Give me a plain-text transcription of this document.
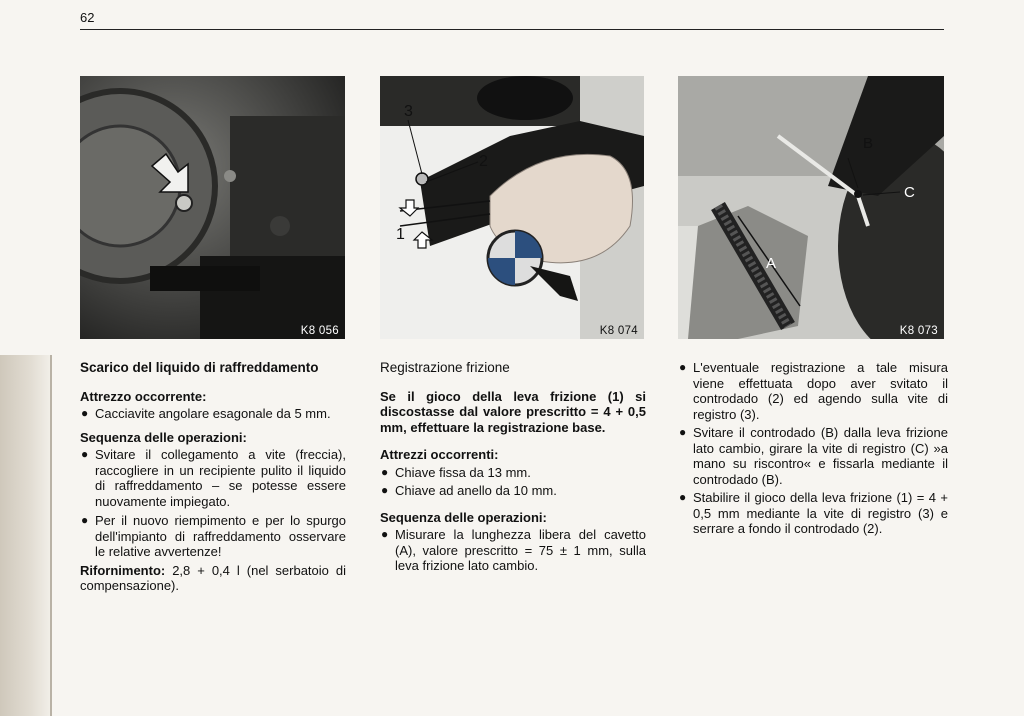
62
K8 056
3
2
1
K8 074
B
C
A
K8 073

Scarico del liquido di raffreddamento

Attrezzo occorrente:

● Cacciavite angolare esagonale da 5 mm.

Sequenza delle operazioni:

● Svitare il collegamento a vite (freccia), raccogliere in un recipiente pulito il liquido di raffreddamento – se potesse essere nuovamente impiegato.

● Per il nuovo riempimento e per lo spurgo dell'impianto di raffreddamento osservare le relative avvertenze!

Rifornimento: 2,8 + 0,4 l (nel serbatoio di compensazione).

Registrazione frizione

Se il gioco della leva frizione (1) si discostasse dal valore prescritto = 4 + 0,5 mm, effettuare la registrazione base.

Attrezzi occorrenti:

● Chiave fissa da 13 mm.

● Chiave ad anello da 10 mm.

Sequenza delle operazioni:

● Misurare la lunghezza libera del cavetto (A), valore prescritto = 75 ± 1 mm, sulla leva frizione lato cambio.

● L'eventuale registrazione a tale misura viene effettuata dopo aver svitato il controdado (2) ed agendo sulla vite di registro (3).

● Svitare il controdado (B) dalla leva frizione lato cambio, girare la vite di registro (C) »a mano su riscontro« e fissarla mediante il controdado (B).

● Stabilire il gioco della leva frizione (1) = 4 + 0,5 mm mediante la vite di registro (3) e serrare a fondo il controdado (2).
